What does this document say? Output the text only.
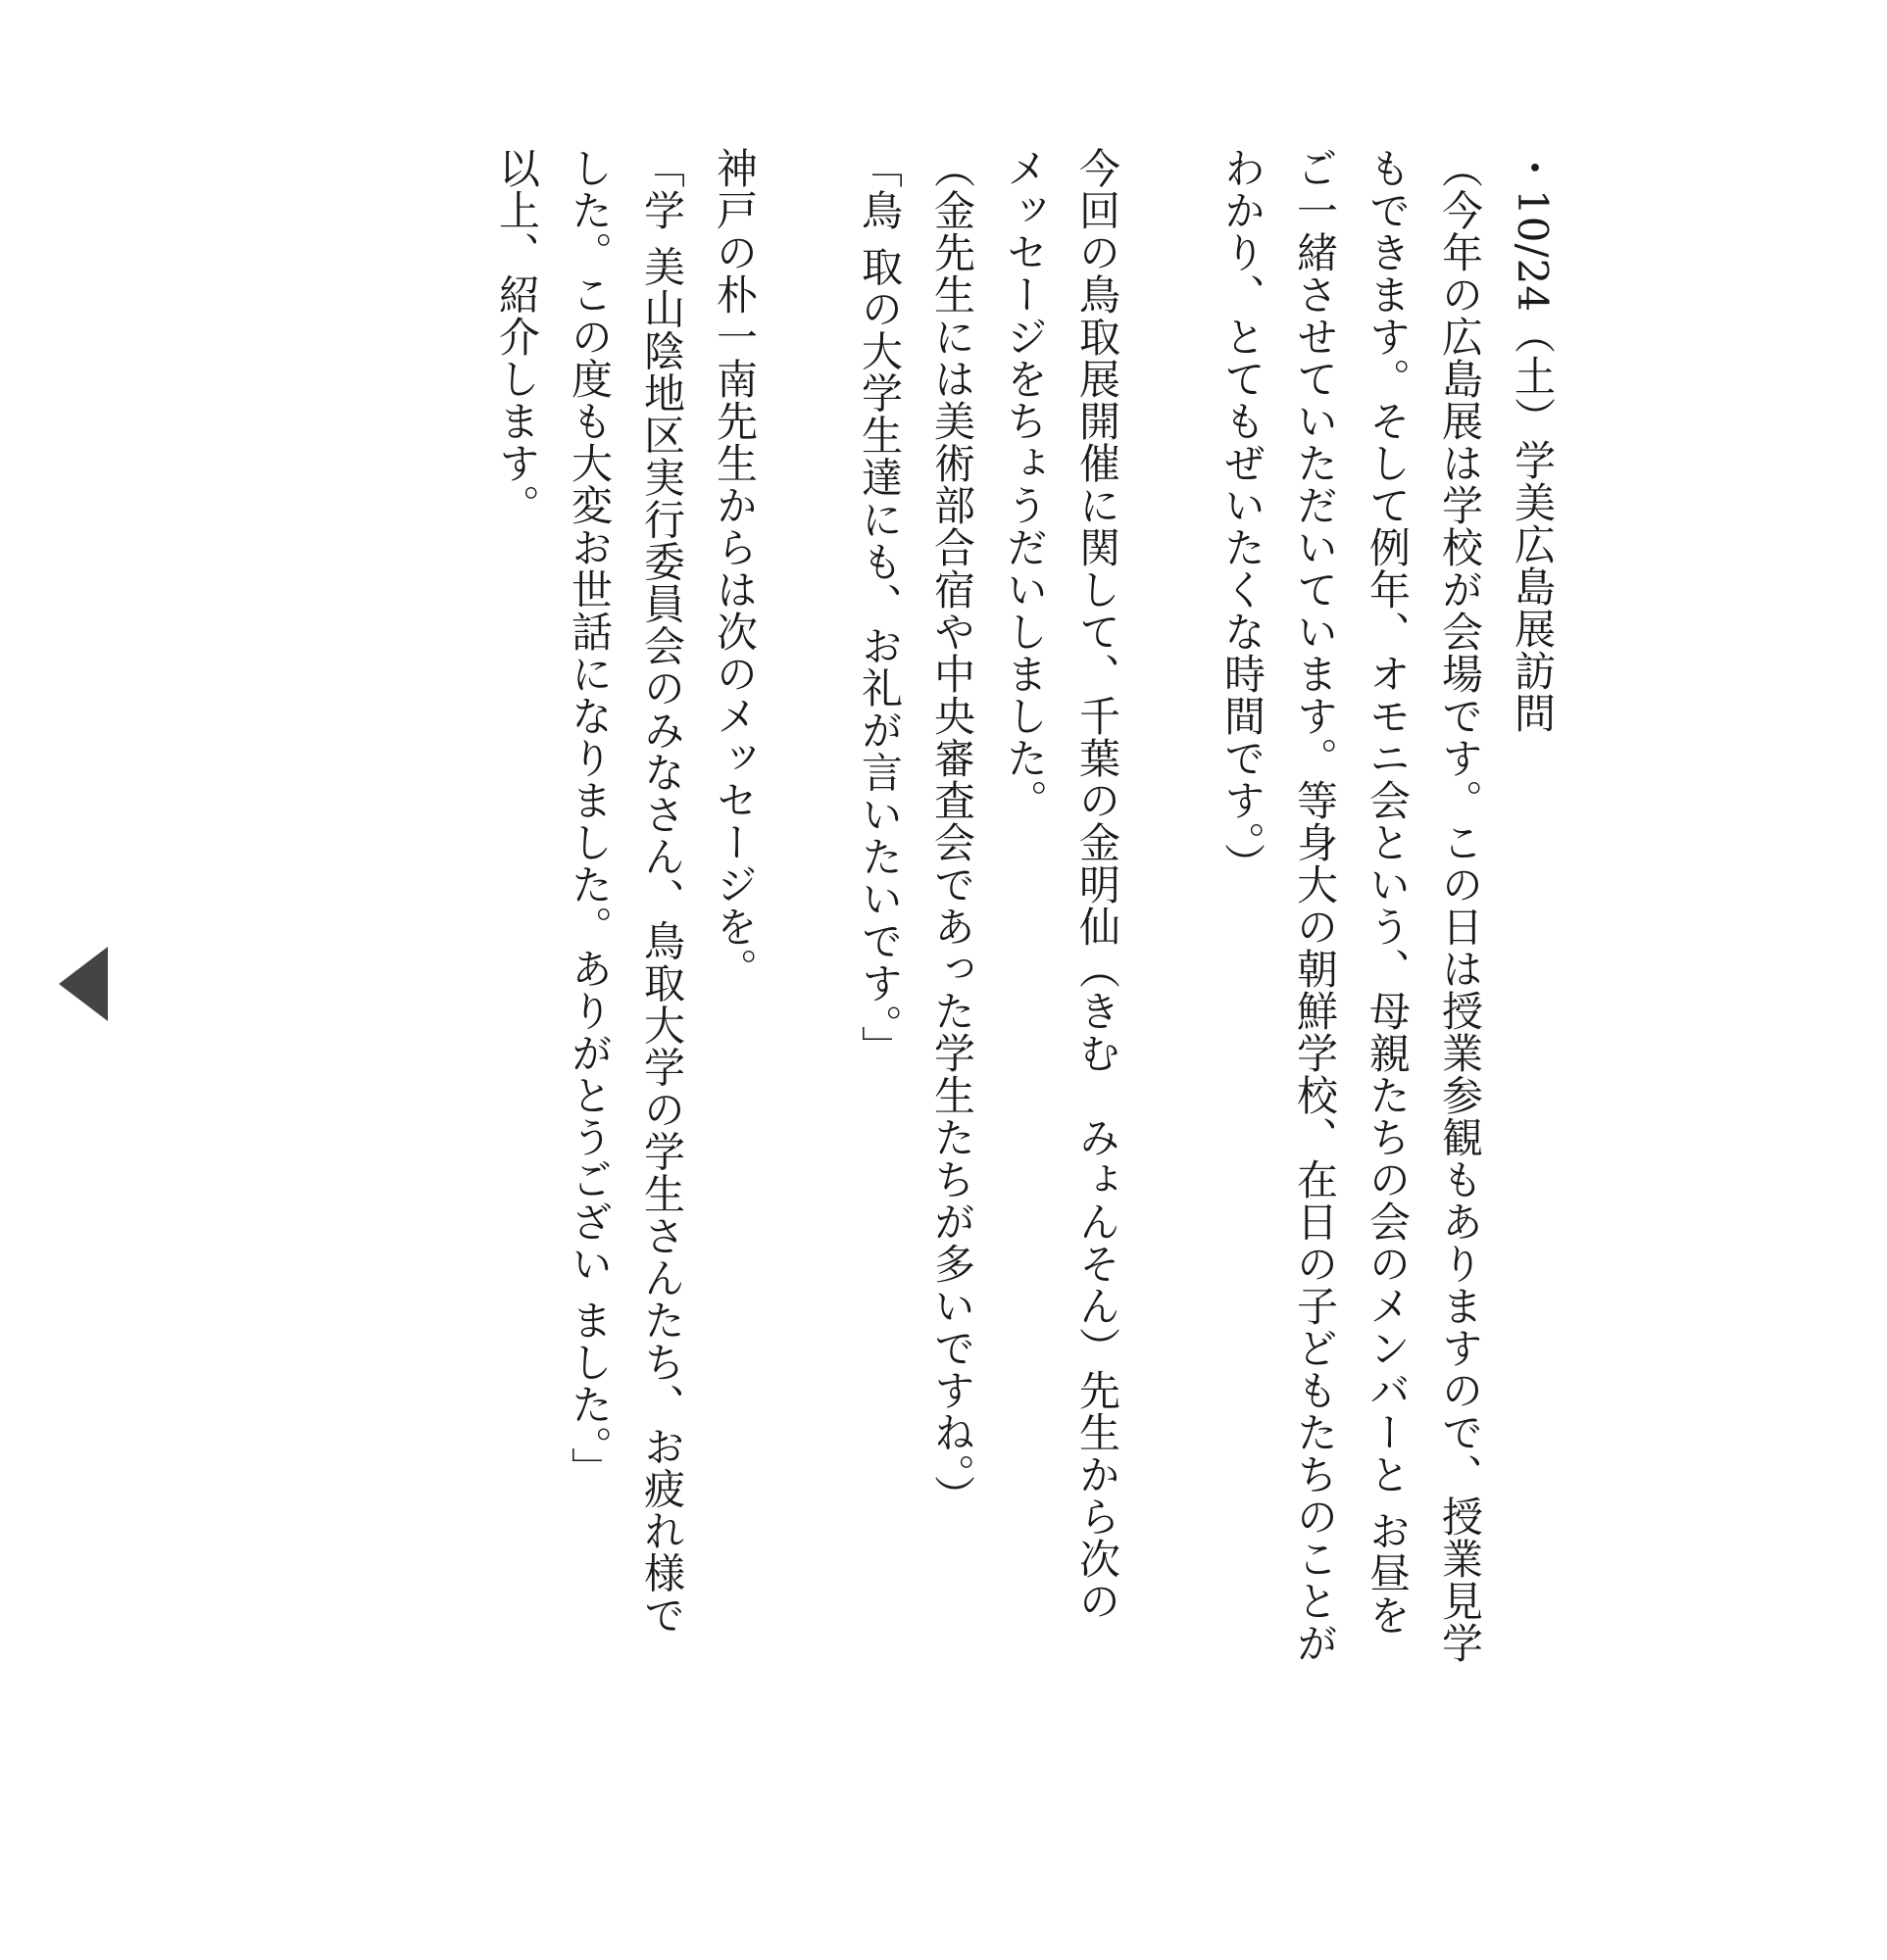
・10/24（土）学美広島展訪問
（今年の広島展は学校が会場です。この日は授業参観もありますので、授業見学
もできます。そして例年、オモニ会という、母親たちの会のメンバーと お昼を
ご一緒させていただいています。等身大の朝鮮学校、在日の子どもたちのことが
わかり、とてもぜいたくな時間です。）
今回の鳥取展開催に関して、千葉の金明仙（きむ　みょんそん）先生から次の
メッセージをちょうだいしました。
（金先生には美術部合宿や中央審査会であった学生たちが多いですね。）
「鳥 取の大学生達にも、お礼が言いたいです。」
神戸の朴一南先生からは次のメッセージを。
「学 美山陰地区実行委員会のみなさん、鳥取大学の学生さんたち、お疲れ様で
した。この度も大変お世話になりました。ありがとうござい ました。」
以上、紹介します。
